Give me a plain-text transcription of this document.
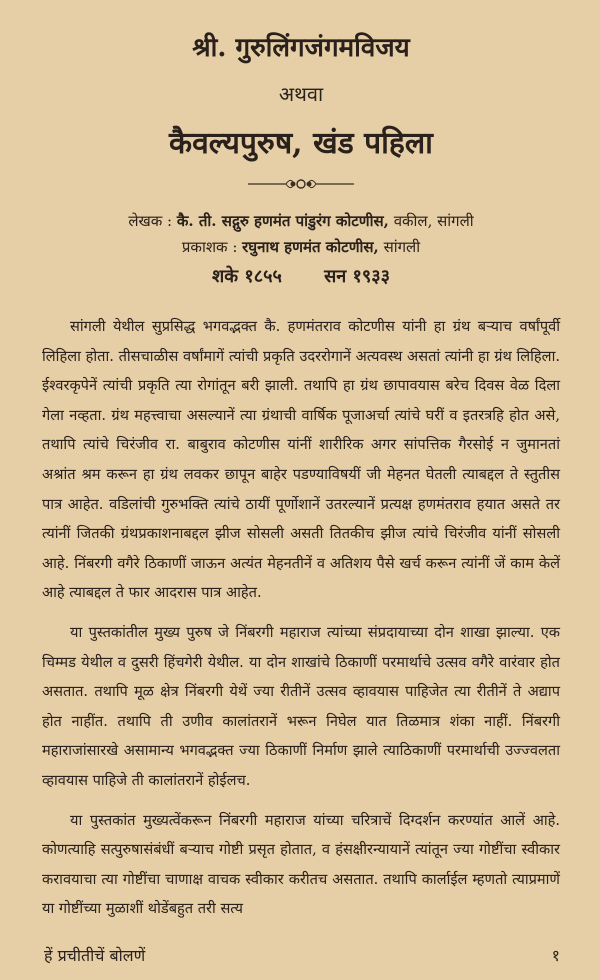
श्री. गुरुलिंगजंगमविजय
अथवा
कैवल्यपुरुष, खंड पहिला
लेखक : कै. ती. सद्गुरु हणमंत पांडुरंग कोटणीस, वकील, सांगली
प्रकाशक : रघुनाथ हणमंत कोटणीस, सांगली
शके १८५५ सन १९३३

सांगली येथील सुप्रसिद्ध भगवद्भक्त कै. हणमंतराव कोटणीस यांनी हा ग्रंथ बऱ्याच वर्षांपूर्वी लिहिला होता. तीसचाळीस वर्षांमागें त्यांची प्रकृति उदररोगानें अत्यवस्थ असतां त्यांनी हा ग्रंथ लिहिला. ईश्वरकृपेनें त्यांची प्रकृति त्या रोगांतून बरी झाली. तथापि हा ग्रंथ छापावयास बरेच दिवस वेळ दिला गेला नव्हता. ग्रंथ महत्त्वाचा असल्यानें त्या ग्रंथाची वार्षिक पूजाअर्चा त्यांचे घरीं व इतरत्रहि होत असे, तथापि त्यांचे चिरंजीव रा. बाबुराव कोटणीस यांनीं शारीरिक अगर सांपत्तिक गैरसोई न जुमानतां अश्रांत श्रम करून हा ग्रंथ लवकर छापून बाहेर पडण्याविषयीं जी मेहनत घेतली त्याबद्दल ते स्तुतीस पात्र आहेत. वडिलांची गुरुभक्ति त्यांचे ठायीं पूर्णोशानें उतरल्यानें प्रत्यक्ष हणमंतराव हयात असते तर त्यांनीं जितकी ग्रंथप्रकाशनाबद्दल झीज सोसली असती तितकीच झीज त्यांचे चिरंजीव यांनीं सोसली आहे. निंबरगी वगैरे ठिकाणीं जाऊन अत्यंत मेहनतीनें व अतिशय पैसे खर्च करून त्यांनीं जें काम केलें आहे त्याबद्दल ते फार आदरास पात्र आहेत.

या पुस्तकांतील मुख्य पुरुष जे निंबरगी महाराज त्यांच्या संप्रदायाच्या दोन शाखा झाल्या. एक चिम्मड येथील व दुसरी हिंचगेरी येथील. या दोन शाखांचे ठिकाणीं परमार्थाचे उत्सव वगैरे वारंवार होत असतात. तथापि मूळ क्षेत्र निंबरगी येथें ज्या रीतीनें उत्सव व्हावयास पाहिजेत त्या रीतीनें ते अद्याप होत नाहींत. तथापि ती उणीव कालांतरानें भरून निघेल यात तिळमात्र शंका नाहीं. निंबरगी महाराजांसारखे असामान्य भगवद्भक्त ज्या ठिकाणीं निर्माण झाले त्याठिकाणीं परमार्थाची उज्ज्वलता व्हावयास पाहिजे ती कालांतरानें होईलच.

या पुस्तकांत मुख्यत्वेंकरून निंबरगी महाराज यांच्या चरित्राचें दिग्दर्शन करण्यांत आलें आहे. कोणत्याहि सत्पुरुषासंबंधीं बऱ्याच गोष्टी प्रसृत होतात, व हंसक्षीरन्यायानें त्यांतून ज्या गोष्टींचा स्वीकार करावयाचा त्या गोष्टींचा चाणाक्ष वाचक स्वीकार करीतच असतात. तथापि कार्लाईल म्हणतो त्याप्रमाणें या गोष्टींच्या मुळाशीं थोडेंबहुत तरी सत्य

हें प्रचीतीचें बोलणें	१
